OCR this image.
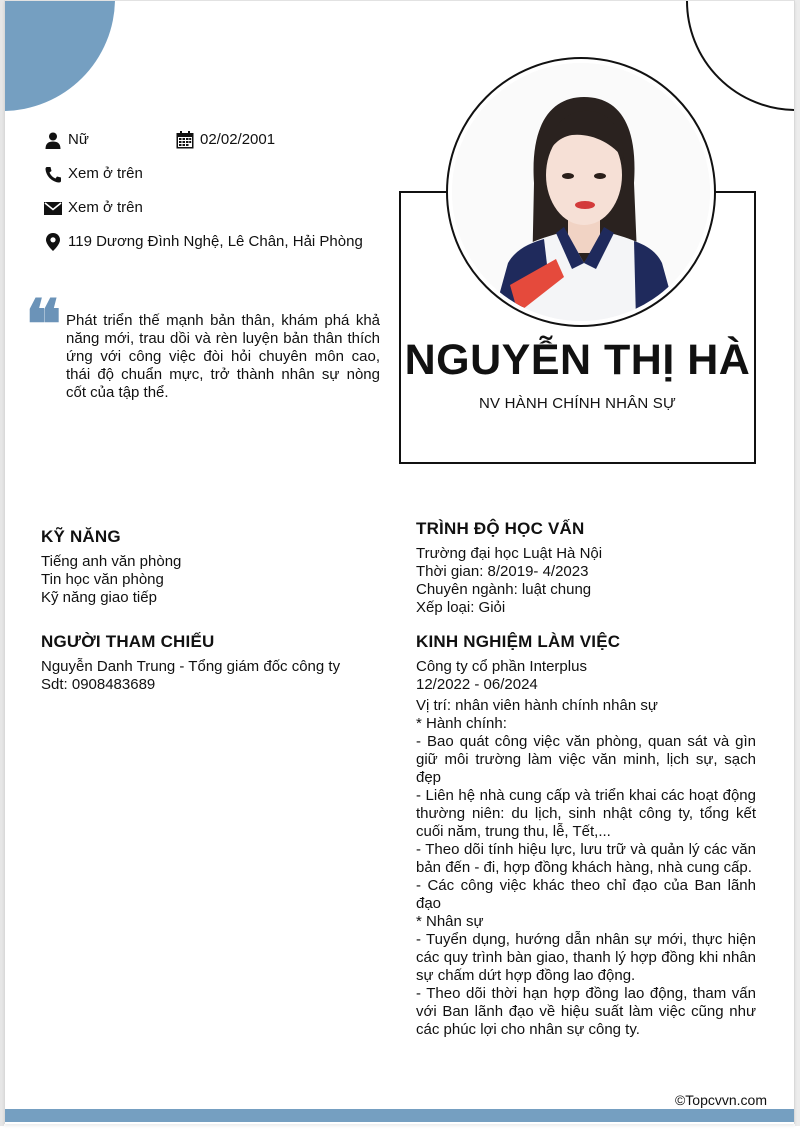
Nữ	02/02/2001
Xem ở trên
Xem ở trên
119 Dương Đình Nghệ, Lê Chân, Hải Phòng
❝ Phát triển thế mạnh bản thân, khám phá khả năng mới, trau dồi và rèn luyện bản thân thích ứng với công việc đòi hỏi chuyên môn cao, thái độ chuẩn mực, trở thành nhân sự nòng cốt của tập thể.
NGUYỄN THỊ HÀ
NV HÀNH CHÍNH NHÂN SỰ
KỸ NĂNG
Tiếng anh văn phòng
Tin học văn phòng
Kỹ năng giao tiếp
NGƯỜI THAM CHIẾU
Nguyễn Danh Trung - Tổng giám đốc công ty
Sdt: 0908483689
TRÌNH ĐỘ HỌC VẤN
Trường đại học Luật Hà Nội
Thời gian: 8/2019- 4/2023
Chuyên ngành: luật chung
Xếp loại: Giỏi
KINH NGHIỆM LÀM VIỆC
Công ty cổ phần Interplus
12/2022 - 06/2024
Vị trí: nhân viên hành chính nhân sự
* Hành chính:
- Bao quát công việc văn phòng, quan sát và gìn giữ môi trường làm việc văn minh, lịch sự, sạch đẹp
- Liên hệ nhà cung cấp và triển khai các hoạt động thường niên: du lịch, sinh nhật công ty, tổng kết cuối năm, trung thu, lễ, Tết,...
- Theo dõi tính hiệu lực, lưu trữ và quản lý các văn bản đến - đi, hợp đồng khách hàng, nhà cung cấp.
- Các công việc khác theo chỉ đạo của Ban lãnh đạo
* Nhân sự
- Tuyển dụng, hướng dẫn nhân sự mới, thực hiện các quy trình bàn giao, thanh lý hợp đồng khi nhân sự chấm dứt hợp đồng lao động.
- Theo dõi thời hạn hợp đồng lao động, tham vấn với Ban lãnh đạo về hiệu suất làm việc cũng như các phúc lợi cho nhân sự công ty.
©Topcvvn.com
